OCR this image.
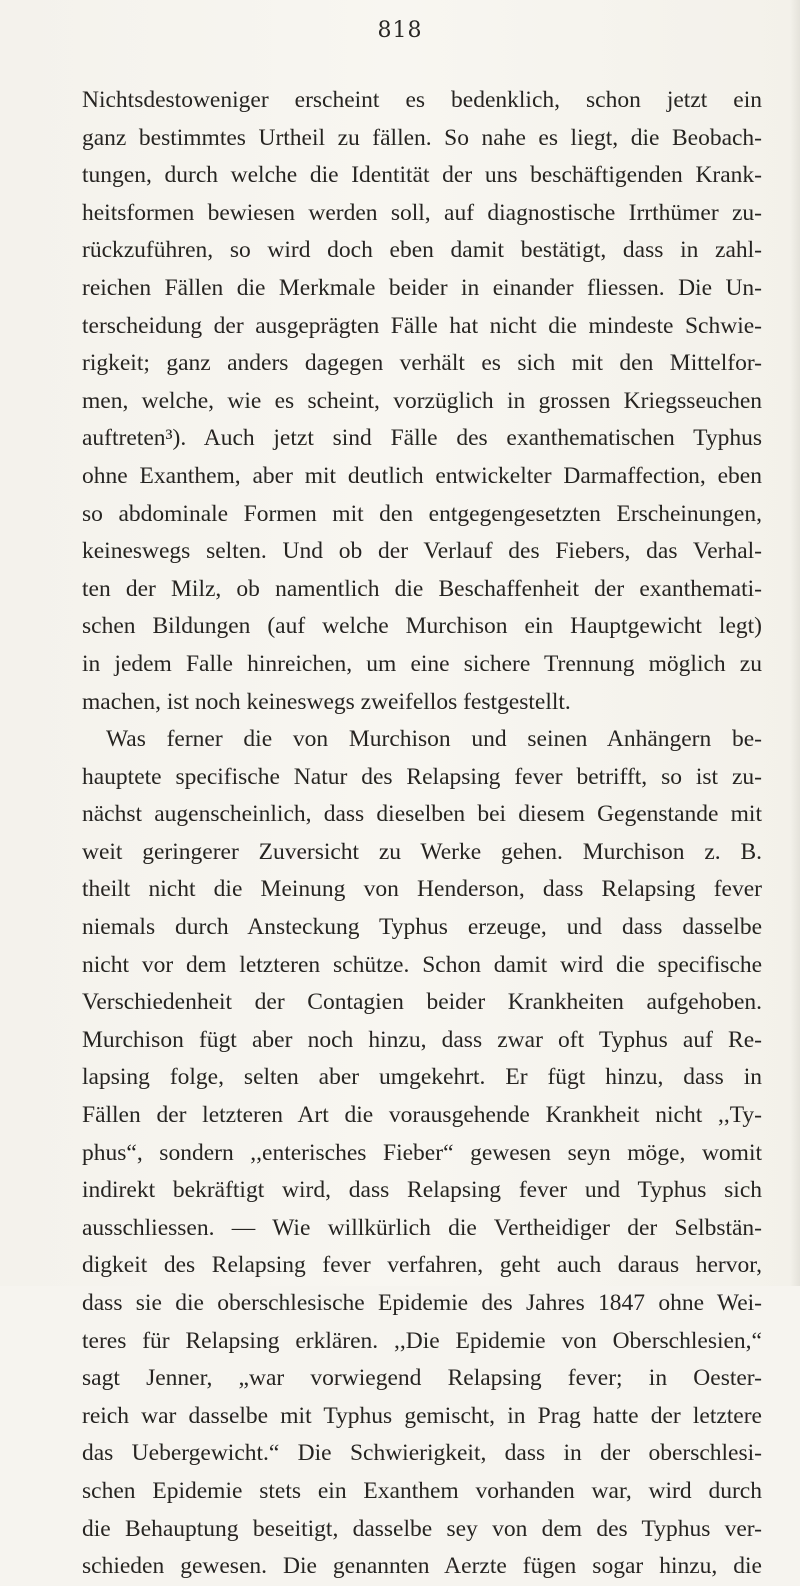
818
Nichtsdestoweniger erscheint es bedenklich, schon jetzt ein
ganz bestimmtes Urtheil zu fällen. So nahe es liegt, die Beobach-
tungen, durch welche die Identität der uns beschäftigenden Krank-
heitsformen bewiesen werden soll, auf diagnostische Irrthümer zu-
rückzuführen, so wird doch eben damit bestätigt, dass in zahl-
reichen Fällen die Merkmale beider in einander fliessen. Die Un-
terscheidung der ausgeprägten Fälle hat nicht die mindeste Schwie-
rigkeit; ganz anders dagegen verhält es sich mit den Mittelfor-
men, welche, wie es scheint, vorzüglich in grossen Kriegsseuchen
auftreten³). Auch jetzt sind Fälle des exanthematischen Typhus
ohne Exanthem, aber mit deutlich entwickelter Darmaffection, eben
so abdominale Formen mit den entgegengesetzten Erscheinungen,
keineswegs selten. Und ob der Verlauf des Fiebers, das Verhal-
ten der Milz, ob namentlich die Beschaffenheit der exanthemati-
schen Bildungen (auf welche Murchison ein Hauptgewicht legt)
in jedem Falle hinreichen, um eine sichere Trennung möglich zu
machen, ist noch keineswegs zweifellos festgestellt.
Was ferner die von Murchison und seinen Anhängern be-
hauptete specifische Natur des Relapsing fever betrifft, so ist zu-
nächst augenscheinlich, dass dieselben bei diesem Gegenstande mit
weit geringerer Zuversicht zu Werke gehen. Murchison z. B.
theilt nicht die Meinung von Henderson, dass Relapsing fever
niemals durch Ansteckung Typhus erzeuge, und dass dasselbe
nicht vor dem letzteren schütze. Schon damit wird die specifische
Verschiedenheit der Contagien beider Krankheiten aufgehoben.
Murchison fügt aber noch hinzu, dass zwar oft Typhus auf Re-
lapsing folge, selten aber umgekehrt. Er fügt hinzu, dass in
Fällen der letzteren Art die vorausgehende Krankheit nicht ,,Ty-
phus“, sondern ,,enterisches Fieber“ gewesen seyn möge, womit
indirekt bekräftigt wird, dass Relapsing fever und Typhus sich
ausschliessen. — Wie willkürlich die Vertheidiger der Selbstän-
digkeit des Relapsing fever verfahren, geht auch daraus hervor,
dass sie die oberschlesische Epidemie des Jahres 1847 ohne Wei-
teres für Relapsing erklären. ,,Die Epidemie von Oberschlesien,“
sagt Jenner, „war vorwiegend Relapsing fever; in Oester-
reich war dasselbe mit Typhus gemischt, in Prag hatte der letztere
das Uebergewicht.“ Die Schwierigkeit, dass in der oberschlesi-
schen Epidemie stets ein Exanthem vorhanden war, wird durch
die Behauptung beseitigt, dasselbe sey von dem des Typhus ver-
schieden gewesen. Die genannten Aerzte fügen sogar hinzu, die
